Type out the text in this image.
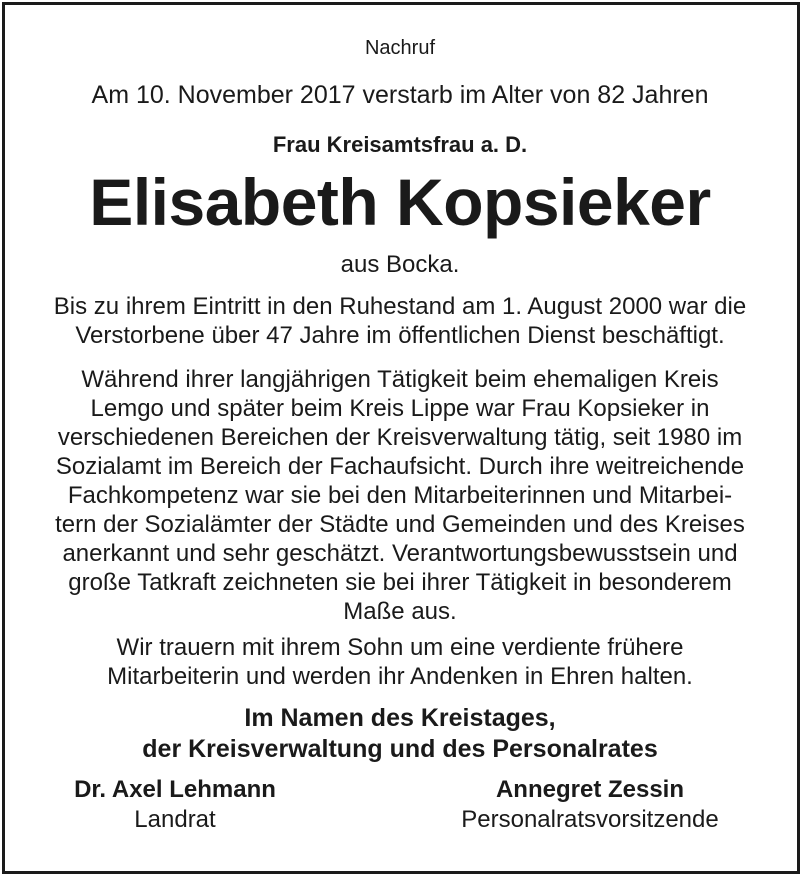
Nachruf
Am 10. November 2017 verstarb im Alter von 82 Jahren
Frau Kreisamtsfrau a. D.
Elisabeth Kopsieker
aus Bocka.
Bis zu ihrem Eintritt in den Ruhestand am 1. August 2000 war die
Verstorbene über 47 Jahre im öffentlichen Dienst beschäftigt.
Während ihrer langjährigen Tätigkeit beim ehemaligen Kreis
Lemgo und später beim Kreis Lippe war Frau Kopsieker in
verschiedenen Bereichen der Kreisverwaltung tätig, seit 1980 im
Sozialamt im Bereich der Fachaufsicht. Durch ihre weitreichende
Fachkompetenz war sie bei den Mitarbeiterinnen und Mitarbei-
tern der Sozialämter der Städte und Gemeinden und des Kreises
anerkannt und sehr geschätzt. Verantwortungsbewusstsein und
große Tatkraft zeichneten sie bei ihrer Tätigkeit in besonderem
Maße aus.
Wir trauern mit ihrem Sohn um eine verdiente frühere
Mitarbeiterin und werden ihr Andenken in Ehren halten.
Im Namen des Kreistages,
der Kreisverwaltung und des Personalrates
Dr. Axel Lehmann
Landrat
Annegret Zessin
Personalratsvorsitzende
